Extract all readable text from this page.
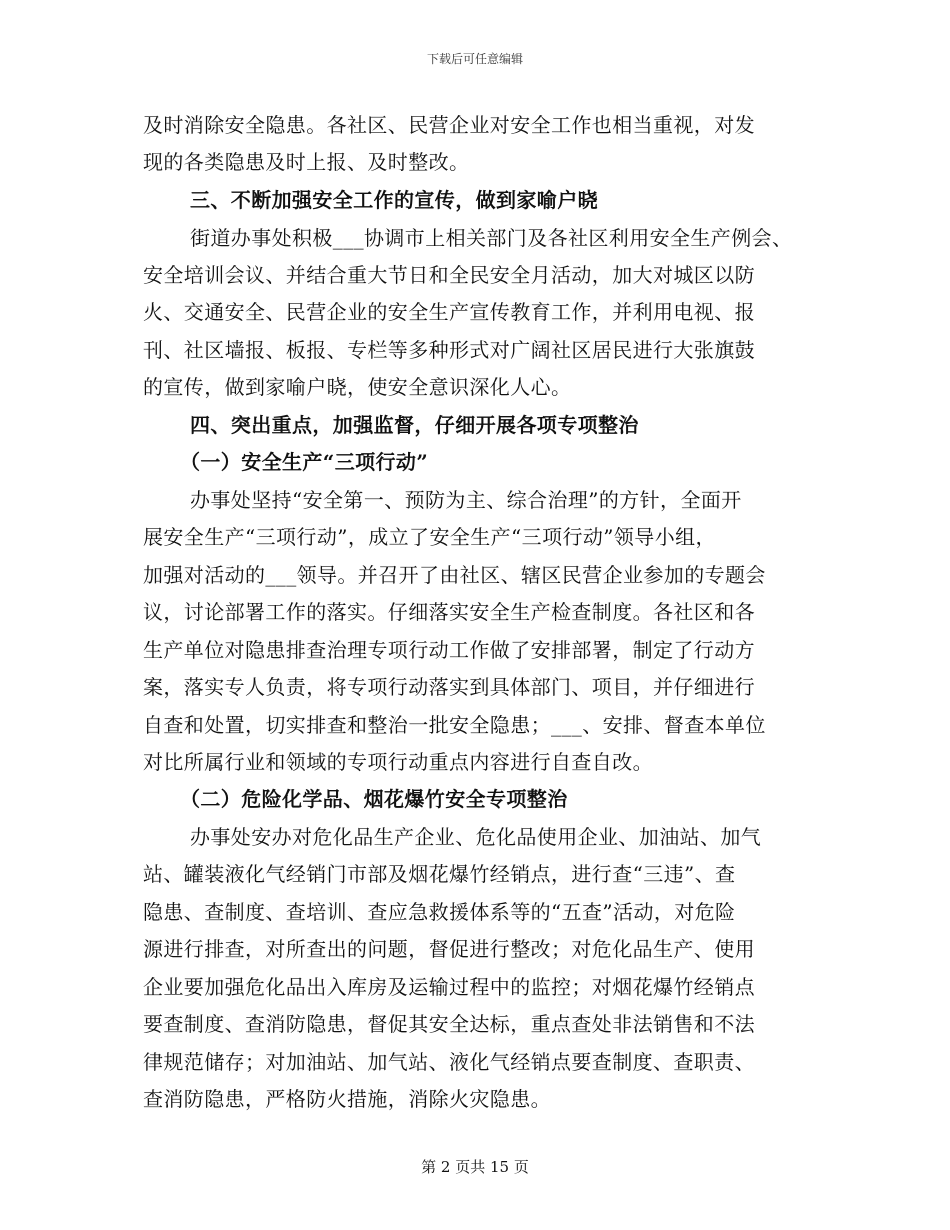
下载后可任意编辑
及时消除安全隐患。各社区、民营企业对安全工作也相当重视，对发
现的各类隐患及时上报、及时整改。
三、不断加强安全工作的宣传，做到家喻户晓
街道办事处积极___协调市上相关部门及各社区利用安全生产例会、
安全培训会议、并结合重大节日和全民安全月活动，加大对城区以防
火、交通安全、民营企业的安全生产宣传教育工作，并利用电视、报
刊、社区墙报、板报、专栏等多种形式对广阔社区居民进行大张旗鼓
的宣传，做到家喻户晓，使安全意识深化人心。
四、突出重点，加强监督，仔细开展各项专项整治
（一）安全生产“三项行动”
办事处坚持“安全第一、预防为主、综合治理”的方针，全面开
展安全生产“三项行动”，成立了安全生产“三项行动”领导小组，
加强对活动的___领导。并召开了由社区、辖区民营企业参加的专题会
议，讨论部署工作的落实。仔细落实安全生产检查制度。各社区和各
生产单位对隐患排查治理专项行动工作做了安排部署，制定了行动方
案，落实专人负责，将专项行动落实到具体部门、项目，并仔细进行
自查和处置，切实排查和整治一批安全隐患；___、安排、督查本单位
对比所属行业和领域的专项行动重点内容进行自查自改。
（二）危险化学品、烟花爆竹安全专项整治
办事处安办对危化品生产企业、危化品使用企业、加油站、加气
站、罐装液化气经销门市部及烟花爆竹经销点，进行查“三违”、查
隐患、查制度、查培训、查应急救援体系等的“五查”活动，对危险
源进行排查，对所查出的问题，督促进行整改；对危化品生产、使用
企业要加强危化品出入库房及运输过程中的监控；对烟花爆竹经销点
要查制度、查消防隐患，督促其安全达标，重点查处非法销售和不法
律规范储存；对加油站、加气站、液化气经销点要查制度、查职责、
查消防隐患，严格防火措施，消除火灾隐患。
第 2 页共 15 页
